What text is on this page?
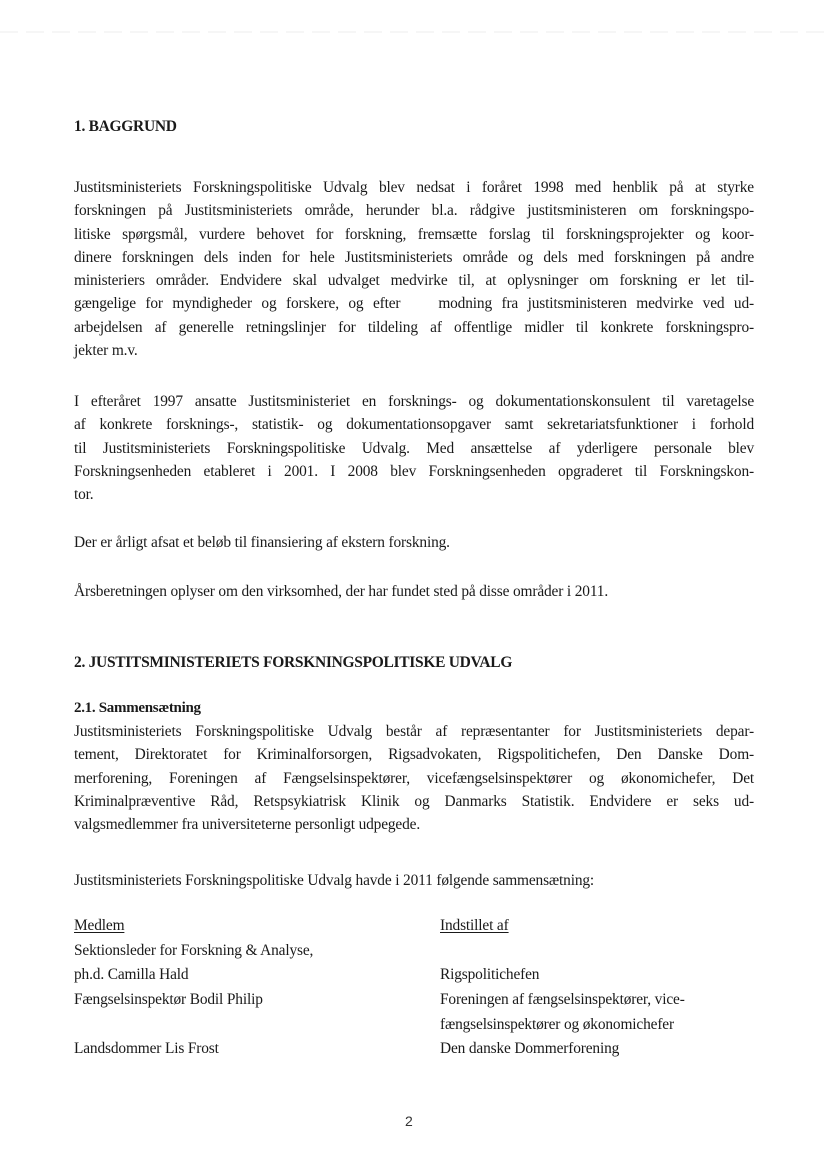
1. BAGGRUND
Justitsministeriets Forskningspolitiske Udvalg blev nedsat i foråret 1998 med henblik på at styrke
forskningen på Justitsministeriets område, herunder bl.a. rådgive justitsministeren om forskningspo-
litiske spørgsmål, vurdere behovet for forskning, fremsætte forslag til forskningsprojekter og koor-
dinere forskningen dels inden for hele Justitsministeriets område og dels med forskningen på andre
ministeriers områder. Endvidere skal udvalget medvirke til, at oplysninger om forskning er let til-
gængelige for myndigheder og forskere, og efter    modning fra justitsministeren medvirke ved ud-
arbejdelsen af generelle retningslinjer for tildeling af offentlige midler til konkrete forskningspro-
jekter m.v.
I efteråret 1997 ansatte Justitsministeriet en forsknings- og dokumentationskonsulent til varetagelse
af konkrete forsknings-, statistik- og dokumentationsopgaver samt sekretariatsfunktioner i forhold
til Justitsministeriets Forskningspolitiske Udvalg. Med ansættelse af yderligere personale blev
Forskningsenheden etableret i 2001. I 2008 blev Forskningsenheden opgraderet til Forskningskon-
tor.
Der er årligt afsat et beløb til finansiering af ekstern forskning.
Årsberetningen oplyser om den virksomhed, der har fundet sted på disse områder i 2011.
2. JUSTITSMINISTERIETS FORSKNINGSPOLITISKE UDVALG
2.1. Sammensætning
Justitsministeriets Forskningspolitiske Udvalg består af repræsentanter for Justitsministeriets depar-
tement, Direktoratet for Kriminalforsorgen, Rigsadvokaten, Rigspolitichefen, Den Danske Dom-
merforening, Foreningen af Fængselsinspektører, vicefængselsinspektører og økonomichefer, Det
Kriminalpræventive Råd, Retspsykiatrisk Klinik og Danmarks Statistik. Endvidere er seks ud-
valgsmedlemmer fra universiteterne personligt udpegede.
Justitsministeriets Forskningspolitiske Udvalg havde i 2011 følgende sammensætning:
Medlem	Indstillet af
Sektionsleder for Forskning & Analyse,
ph.d. Camilla Hald	Rigspolitichefen
Fængselsinspektør Bodil Philip	Foreningen af fængselsinspektører, vice-
fængselsinspektører og økonomichefer
Landsdommer Lis Frost	Den danske Dommerforening
2
